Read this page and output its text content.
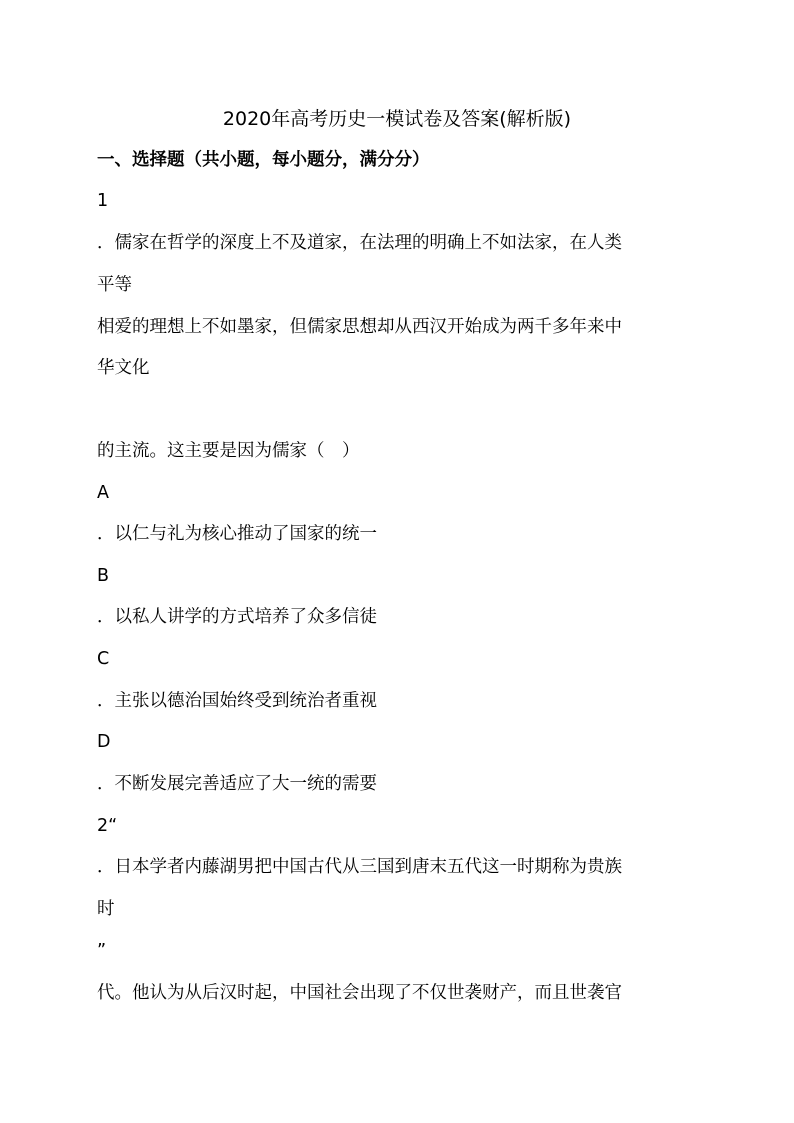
2020年高考历史一模试卷及答案(解析版)
一、选择题（共小题，每小题分，满分分）
1
．儒家在哲学的深度上不及道家，在法理的明确上不如法家，在人类
平等
相爱的理想上不如墨家，但儒家思想却从西汉开始成为两千多年来中
华文化
的主流。这主要是因为儒家（　）
A
．以仁与礼为核心推动了国家的统一
B
．以私人讲学的方式培养了众多信徒
C
．主张以德治国始终受到统治者重视
D
．不断发展完善适应了大一统的需要
2“
．日本学者内藤湖男把中国古代从三国到唐末五代这一时期称为贵族
时
”
代。他认为从后汉时起，中国社会出现了不仅世袭财产，而且世袭官
